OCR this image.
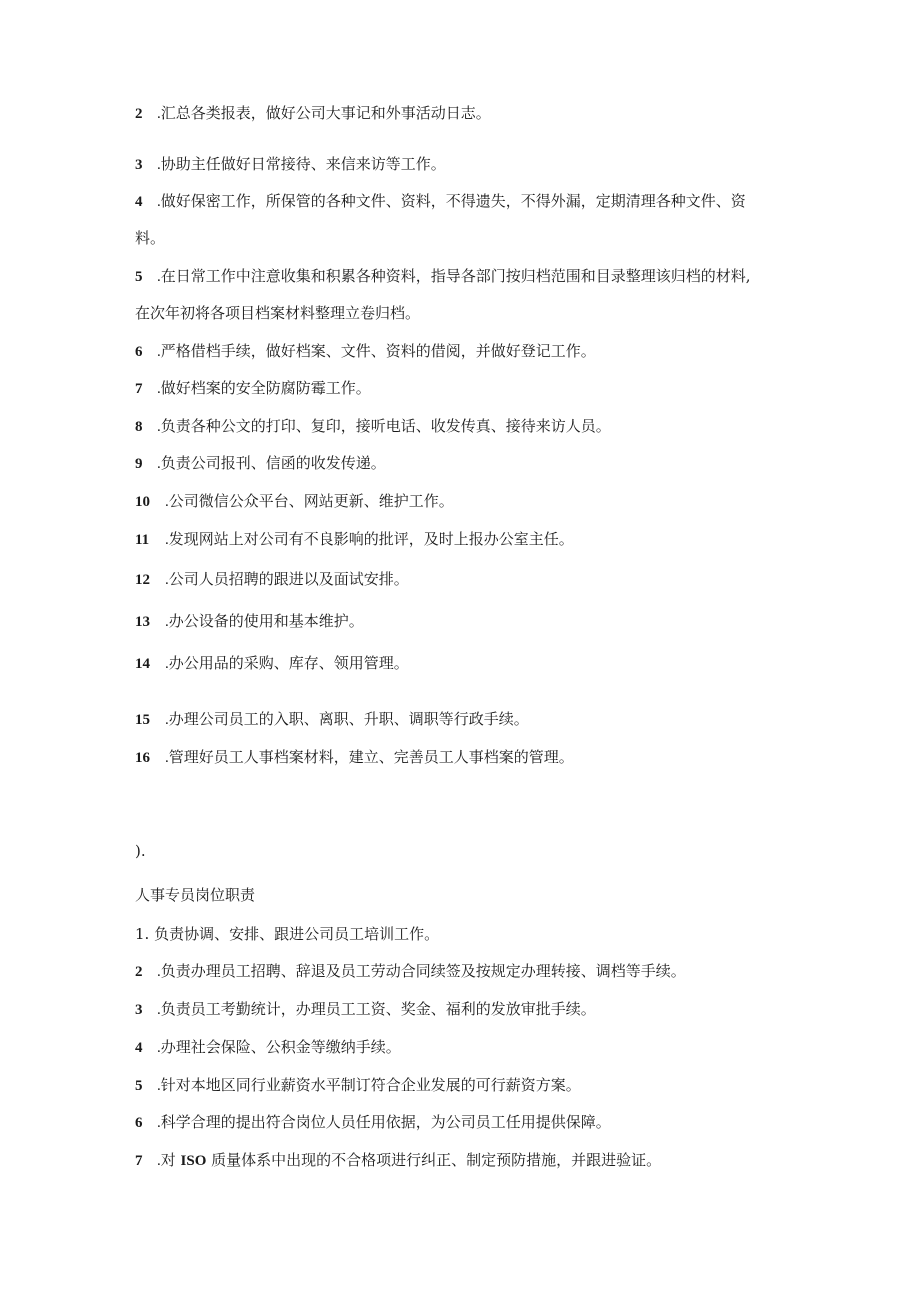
2 .汇总各类报表，做好公司大事记和外事活动日志。
3 .协助主任做好日常接待、来信来访等工作。
4 .做好保密工作，所保管的各种文件、资料，不得遗失，不得外漏，定期清理各种文件、资
料。
5 .在日常工作中注意收集和积累各种资料，指导各部门按归档范围和目录整理该归档的材料,
在次年初将各项目档案材料整理立卷归档。
6 .严格借档手续，做好档案、文件、资料的借阅，并做好登记工作。
7 .做好档案的安全防腐防霉工作。
8 .负责各种公文的打印、复印，接听电话、收发传真、接待来访人员。
9 .负责公司报刊、信函的收发传递。
10 .公司微信公众平台、网站更新、维护工作。
11 .发现网站上对公司有不良影响的批评，及时上报办公室主任。
12 .公司人员招聘的跟进以及面试安排。
13 .办公设备的使用和基本维护。
14 .办公用品的采购、库存、领用管理。
15 .办理公司员工的入职、离职、升职、调职等行政手续。
16 .管理好员工人事档案材料，建立、完善员工人事档案的管理。
).
人事专员岗位职责
1. 负责协调、安排、跟进公司员工培训工作。
2 .负责办理员工招聘、辞退及员工劳动合同续签及按规定办理转接、调档等手续。
3 .负责员工考勤统计，办理员工工资、奖金、福利的发放审批手续。
4 .办理社会保险、公积金等缴纳手续。
5 .针对本地区同行业薪资水平制订符合企业发展的可行薪资方案。
6 .科学合理的提出符合岗位人员任用依据，为公司员工任用提供保障。
7 .对 ISO 质量体系中出现的不合格项进行纠正、制定预防措施，并跟进验证。
